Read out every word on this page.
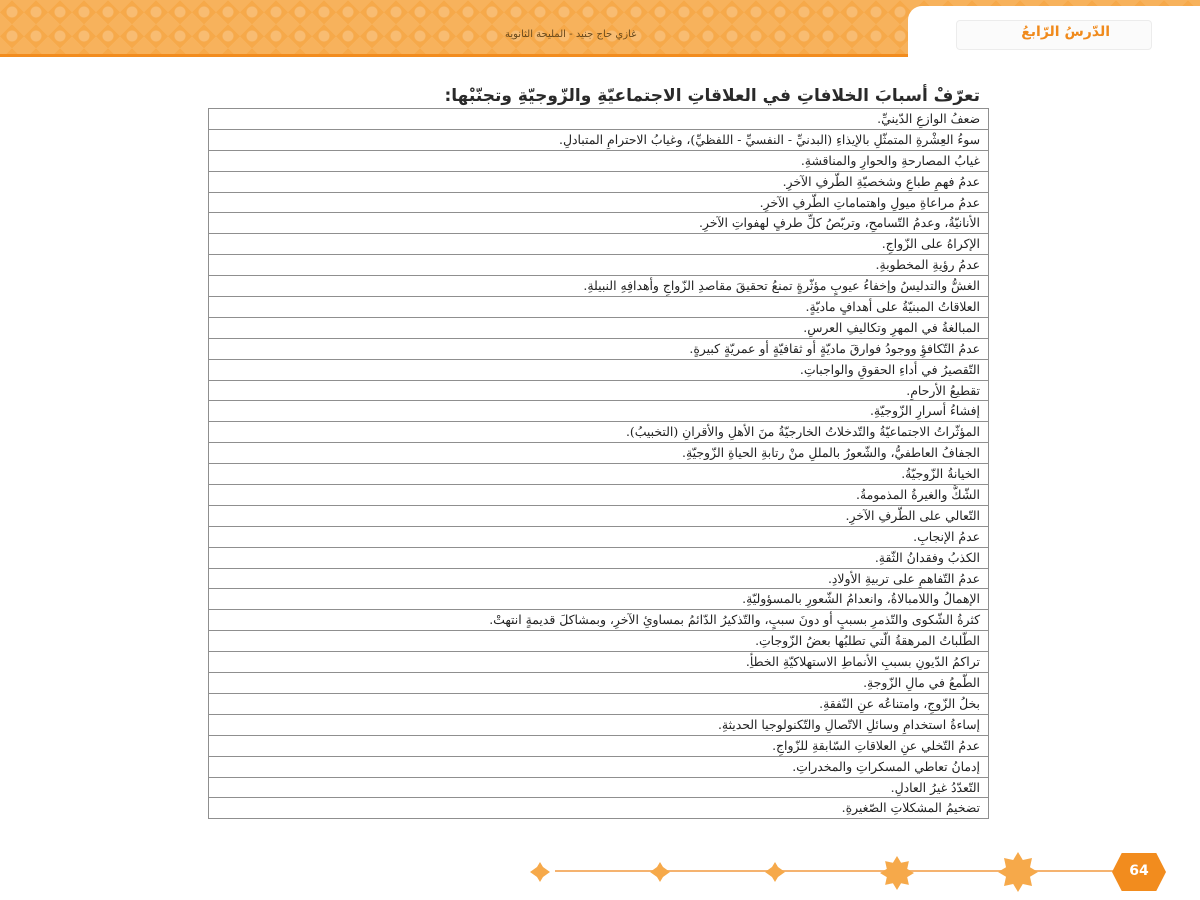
غازي حاج جنيد - المليحة الثانوية	الدّرسُ الرّابعُ
تعرّفْ أسبابَ الخلافاتِ في العلاقاتِ الاجتماعيّةِ والزّوجيّةِ وتجنّبْها:
ضعفُ الوازعِ الدّينيِّ.
سوءُ العِشْرةِ المتمثّلِ بالإيذاءِ (البدنيِّ - النفسيِّ - اللفظيِّ)، وغيابُ الاحترامِ المتبادلِ.
غيابُ المصارحةِ والحوارِ والمناقشةِ.
عدمُ فهمِ طباعِ وشخصيّةِ الطّرفِ الآخرِ.
عدمُ مراعاةِ ميولِ واهتماماتِ الطّرفِ الآخرِ.
الأنانيّةُ، وعدمُ التّسامحِ، وتربّصُ كلِّ طرفٍ لهفواتِ الآخرِ.
الإكراهُ على الزّواجِ.
عدمُ رؤيةِ المخطوبةِ.
الغشُّ والتدليسُ وإخفاءُ عيوبٍ مؤثّرةٍ تمنعُ تحقيقَ مقاصدِ الزّواجِ وأهدافِهِ النبيلةِ.
العلاقاتُ المبنيّةُ على أهدافٍ ماديّةٍ.
المبالغةُ في المهرِ وتكاليفِ العرسِ.
عدمُ التّكافؤِ ووجودُ فوارقَ ماديّةٍ أو ثقافيّةٍ أو عمريّةٍ كبيرةٍ.
التّقصيرُ في أداءِ الحقوقِ والواجباتِ.
تقطيعُ الأرحامِ.
إفشاءُ أسرارِ الزّوجيّةِ.
المؤثّراتُ الاجتماعيّةُ والتّدخلاتُ الخارجيّةُ منَ الأهلِ والأقرانِ (التخبيبُ).
الجفافُ العاطفيُّ، والشّعورُ بالمللِ منْ رتابةِ الحياةِ الزّوجيّةِ.
الخيانةُ الزّوجيّةُ.
الشّكُّ والغيرةُ المذمومةُ.
التّعالي على الطّرفِ الآخرِ.
عدمُ الإنجابِ.
الكذبُ وفقدانُ الثّقةِ.
عدمُ التّفاهمِ على تربيةِ الأولادِ.
الإهمالُ واللامبالاةُ، وانعدامُ الشّعورِ بالمسؤوليّةِ.
كثرةُ الشّكوى والتّذمرِ بسببٍ أو دونَ سببٍ، والتّذكيرُ الدّائمُ بمساوئِ الآخرِ، وبمشاكلَ قديمةٍ انتهتْ.
الطّلباتُ المرهقةُ الّتي تطلبُها بعضُ الزّوجاتِ.
تراكمُ الدّيونِ بسببِ الأنماطِ الاستهلاكيّةِ الخطأِ.
الطّمعُ في مالِ الزّوجةِ.
بخلُ الزّوجِ، وامتناعُه عنِ النّفقةِ.
إساءةُ استخدامِ وسائلِ الاتّصالِ والتّكنولوجيا الحديثةِ.
عدمُ التّخلي عنِ العلاقاتِ السّابقةِ للزّواجِ.
إدمانُ تعاطي المسكراتِ والمخدراتِ.
التّعدّدُ غيرُ العادلِ.
تضخيمُ المشكلاتِ الصّغيرةِ.
64
